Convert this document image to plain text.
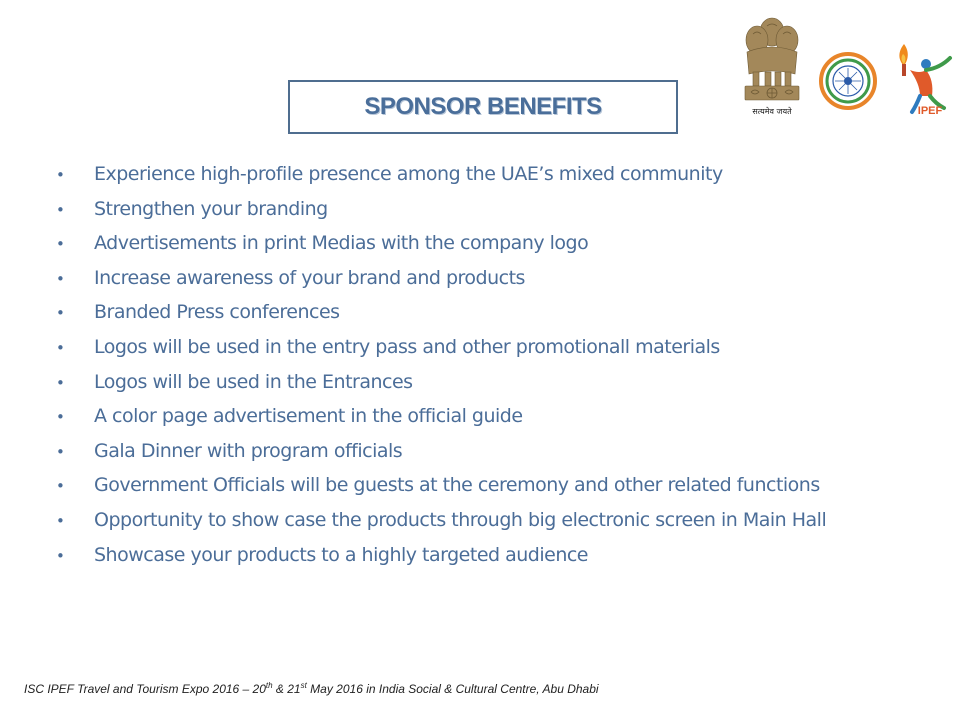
सत्यमेव जयते	IPEF
SPONSOR BENEFITS
•	Experience high-profile presence among the UAE’s mixed community
•	Strengthen your branding
•	Advertisements in print Medias with the company logo
•	Increase awareness of your brand and products
•	Branded Press conferences
•	Logos will be used in the entry pass and other promotionall materials
•	Logos will be used in the Entrances
•	A color page advertisement in the official guide
•	Gala Dinner with program officials
•	Government Officials will be guests at the ceremony and other related functions
•	Opportunity to show case the products through big electronic screen in Main Hall
•	Showcase your products to a highly targeted audience
ISC IPEF Travel and Tourism Expo 2016 – 20th & 21st May 2016 in India Social & Cultural Centre, Abu Dhabi
